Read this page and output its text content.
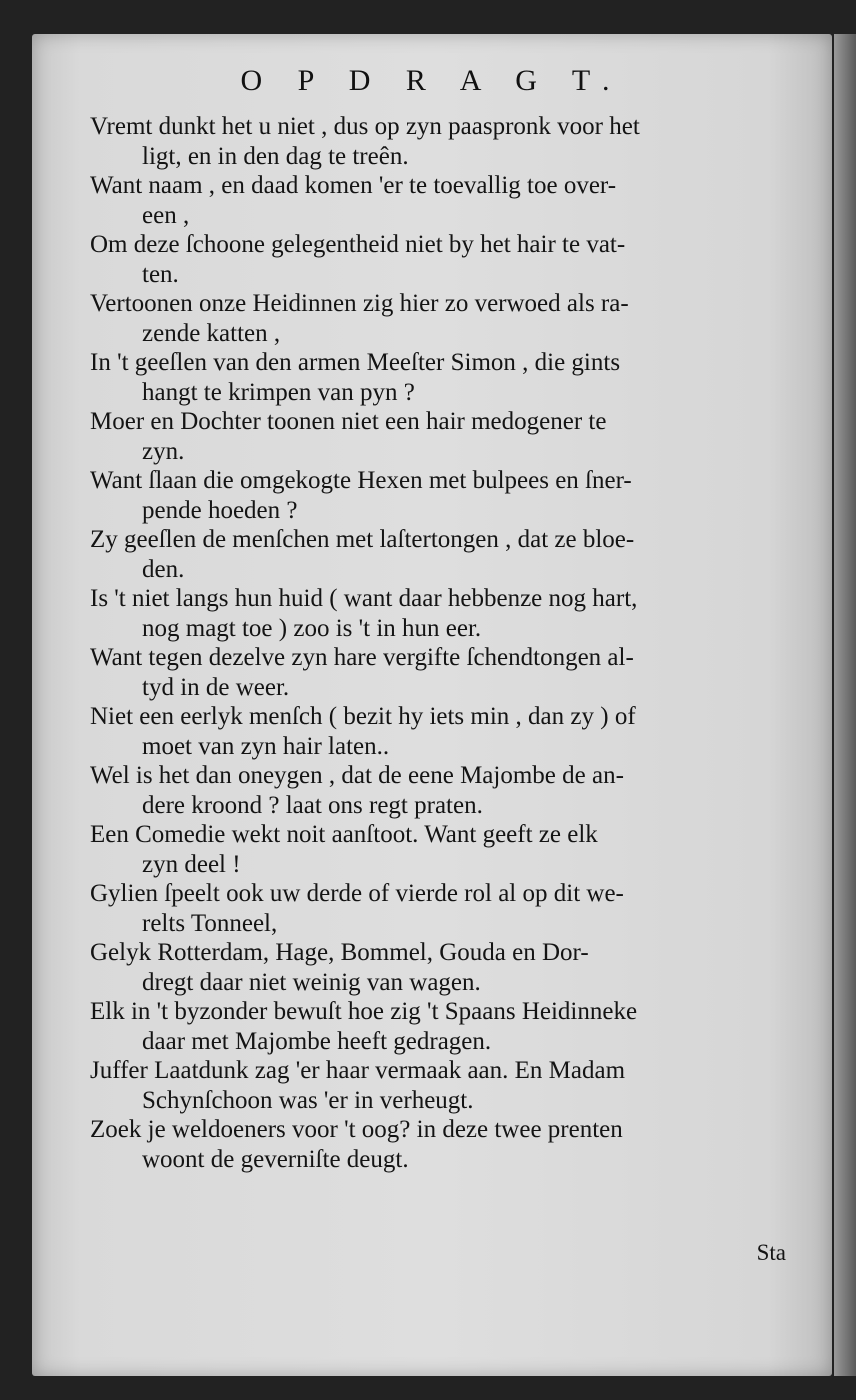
O P D R A G T.
Vremt dunkt het u niet , dus op zyn paaspronk voor het
ligt, en in den dag te treên.
Want naam , en daad komen 'er te toevallig toe over-
een ,
Om deze ſchoone gelegentheid niet by het hair te vat-
ten.
Vertoonen onze Heidinnen zig hier zo verwoed als ra-
zende katten ,
In 't geeſlen van den armen Meeſter Simon , die gints
hangt te krimpen van pyn ?
Moer en Dochter toonen niet een hair medogener te
zyn.
Want ſlaan die omgekogte Hexen met bulpees en ſner-
pende hoeden ?
Zy geeſlen de menſchen met laſtertongen , dat ze bloe-
den.
Is 't niet langs hun huid ( want daar hebbenze nog hart,
nog magt toe ) zoo is 't in hun eer.
Want tegen dezelve zyn hare vergifte ſchendtongen al-
tyd in de weer.
Niet een eerlyk menſch ( bezit hy iets min , dan zy ) of
moet van zyn hair laten..
Wel is het dan oneygen , dat de eene Majombe de an-
dere kroond ? laat ons regt praten.
Een Comedie wekt noit aanſtoot. Want geeft ze elk
zyn deel !
Gylien ſpeelt ook uw derde of vierde rol al op dit we-
relts Tonneel,
Gelyk Rotterdam, Hage, Bommel, Gouda en Dor-
dregt daar niet weinig van wagen.
Elk in 't byzonder bewuſt hoe zig 't Spaans Heidinneke
daar met Majombe heeft gedragen.
Juffer Laatdunk zag 'er haar vermaak aan. En Madam
Schynſchoon was 'er in verheugt.
Zoek je weldoeners voor 't oog? in deze twee prenten
woont de geverniſte deugt.
Sta
